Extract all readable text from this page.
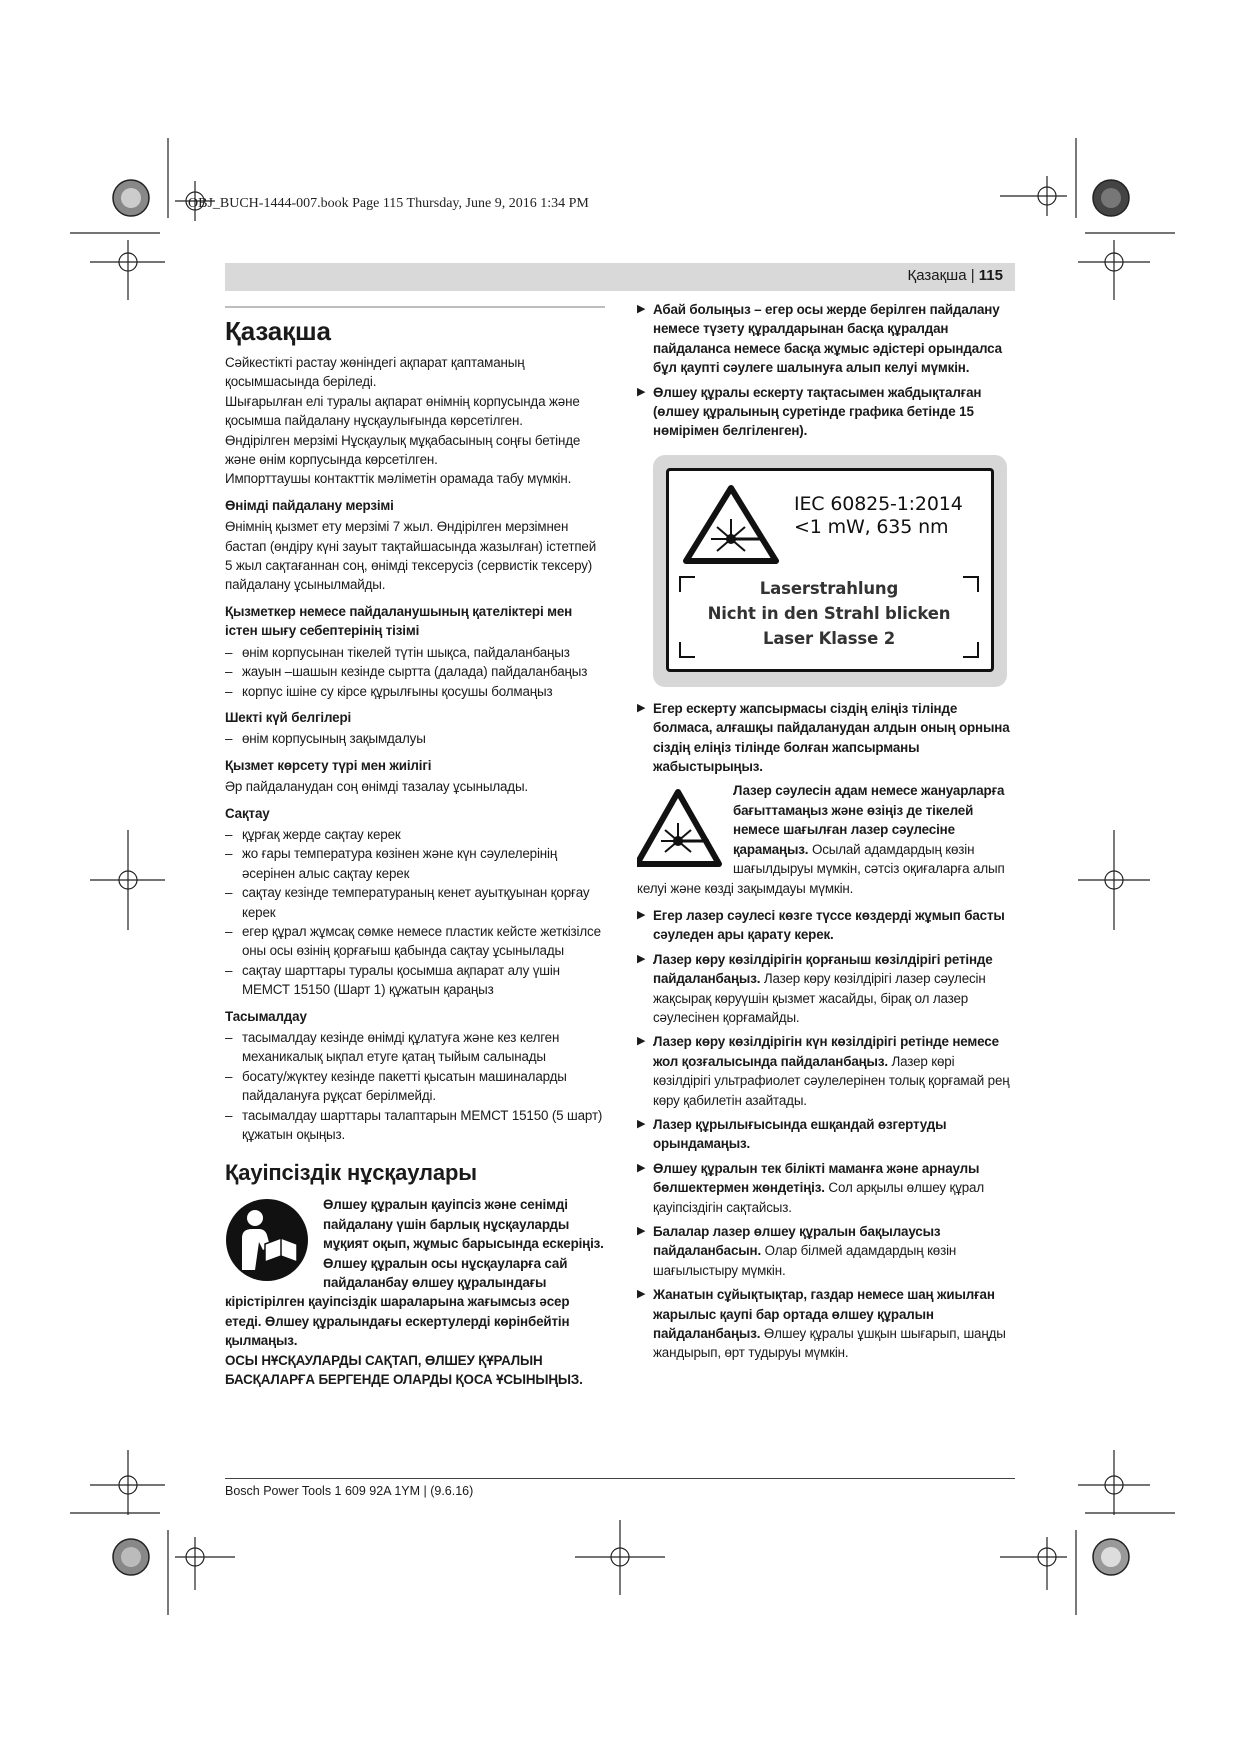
OBJ_BUCH-1444-007.book Page 115 Thursday, June 9, 2016 1:34 PM
Қазақша | 115
Қазақша

Сәйкестікті растау жөніндегі ақпарат қаптаманың қосымшасында беріледі.

Шығарылған елі туралы ақпарат өнімнің корпусында және қосымша пайдалану нұсқаулығында көрсетілген.

Өндірілген мерзімі Нұсқаулық мұқабасының соңғы бетінде және өнім корпусында көрсетілген.

Импорттаушы контакттік мәліметін орамада табу мүмкін.

Өнімді пайдалану мерзімі

Өнімнің қызмет ету мерзімі 7 жыл. Өндірілген мерзімнен бастап (өндіру күні зауыт тақтайшасында жазылған) істетпей 5 жыл сақтағаннан соң, өнімді тексерусіз (сервистік тексеру) пайдалану ұсынылмайды.

Қызметкер немесе пайдаланушының қателіктері мен істен шығу себептерінің тізімі
– өнім корпусынан тікелей түтін шықса, пайдаланбаңыз
– жауын –шашын кезінде сыртта (далада) пайдаланбаңыз
– корпус ішіне су кірсе құрылғыны қосушы болмаңыз
Шекті күй белгілері
– өнім корпусының зақымдалуы
Қызмет көрсету түрі мен жиілігі

Әр пайдаланудан соң өнімді тазалау ұсынылады.

Сақтау
– құрғақ жерде сақтау керек
– жо ғары температура көзінен және күн сәулелерінің әсерінен алыс сақтау керек
– сақтау кезінде температураның кенет ауытқуынан қорғау керек
– егер құрал жұмсақ сөмке немесе пластик кейсте жеткізілсе оны осы өзінің қорғағыш қабында сақтау ұсынылады
– сақтау шарттары туралы қосымша ақпарат алу үшін МЕМСТ 15150 (Шарт 1) құжатын қараңыз
Тасымалдау
– тасымалдау кезінде өнімді құлатуға және кез келген механикалық ықпал етуге қатаң тыйым салынады
– босату/жүктеу кезінде пакетті қысатын машиналарды пайдалануға рұқсат берілмейді.
– тасымалдау шарттары талаптарын МЕМСТ 15150 (5 шарт) құжатын оқыңыз.
Қауіпсіздік нұсқаулары
Өлшеу құралын қауіпсіз және сенімді пайдалану үшін барлық нұсқауларды мұқият оқып, жұмыс барысында ескеріңіз. Өлшеу құралын осы нұсқауларға сай пайдаланбау өлшеу құралындағы кірістірілген қауіпсіздік шараларына жағымсыз әсер етеді. Өлшеу құралындағы ескертулерді көрінбейтін қылмаңыз.
ОСЫ НҰСҚАУЛАРДЫ САҚТАП, ӨЛШЕУ ҚҰРАЛЫН БАСҚАЛАРҒА БЕРГЕНДЕ ОЛАРДЫ ҚОСА ҰСЫНЫҢЫЗ.
▶ Абай болыңыз – егер осы жерде берілген пайдалану немесе түзету құралдарынан басқа құралдан пайдаланса немесе басқа жұмыс әдістері орындалса бұл қаупті сәулеге шалынуға алып келуі мүмкін.
▶ Өлшеу құралы ескерту тақтасымен жабдықталған (өлшеу құралының суретінде графика бетінде 15 нөмірімен белгіленген).
IEC 60825-1:2014
<1 mW, 635 nm
Laserstrahlung
Nicht in den Strahl blicken
Laser Klasse 2
▶ Егер ескерту жапсырмасы сіздің еліңіз тілінде болмаса, алғашқы пайдаланудан алдын оның орнына сіздің еліңіз тілінде болған жапсырманы жабыстырыңыз.
Лазер сәулесін адам немесе жануарларға бағыттамаңыз және өзіңіз де тікелей немесе шағылған лазер сәулесіне қарамаңыз. Осылай адамдардың көзін шағылдыруы мүмкін, сәтсіз оқиғаларға алып келуі және көзді зақымдауы мүмкін.
▶ Егер лазер сәулесі көзге түссе көздерді жұмып басты сәуледен ары қарату керек.
▶ Лазер көру көзілдірігін қорғаныш көзілдірігі ретінде пайдаланбаңыз. Лазер көру көзілдірігі лазер сәулесін жақсырақ көруүшін қызмет жасайды, бірақ ол лазер сәулесінен қорғамайды.
▶ Лазер көру көзілдірігін күн көзілдірігі ретінде немесе жол қозғалысында пайдаланбаңыз. Лазер көрі көзілдірігі ультрафиолет сәулелерінен толық қорғамай рең көру қабилетін азайтады.
▶ Лазер құрылығысында ешқандай өзгертуды орындамаңыз.
▶ Өлшеу құралын тек білікті маманға және арнаулы бөлшектермен жөндетіңіз. Сол арқылы өлшеу құрал қауіпсіздігін сақтайсыз.
▶ Балалар лазер өлшеу құралын бақылаусыз пайдаланбасын. Олар білмей адамдардың көзін шағылыстыру мүмкін.
▶ Жанатын сұйықтықтар, газдар немесе шаң жиылған жарылыс қаупі бар ортада өлшеу құралын пайдаланбаңыз. Өлшеу құралы ұшқын шығарып, шаңды жандырып, өрт тудыруы мүмкін.
Bosch Power Tools 1 609 92A 1YM | (9.6.16)
